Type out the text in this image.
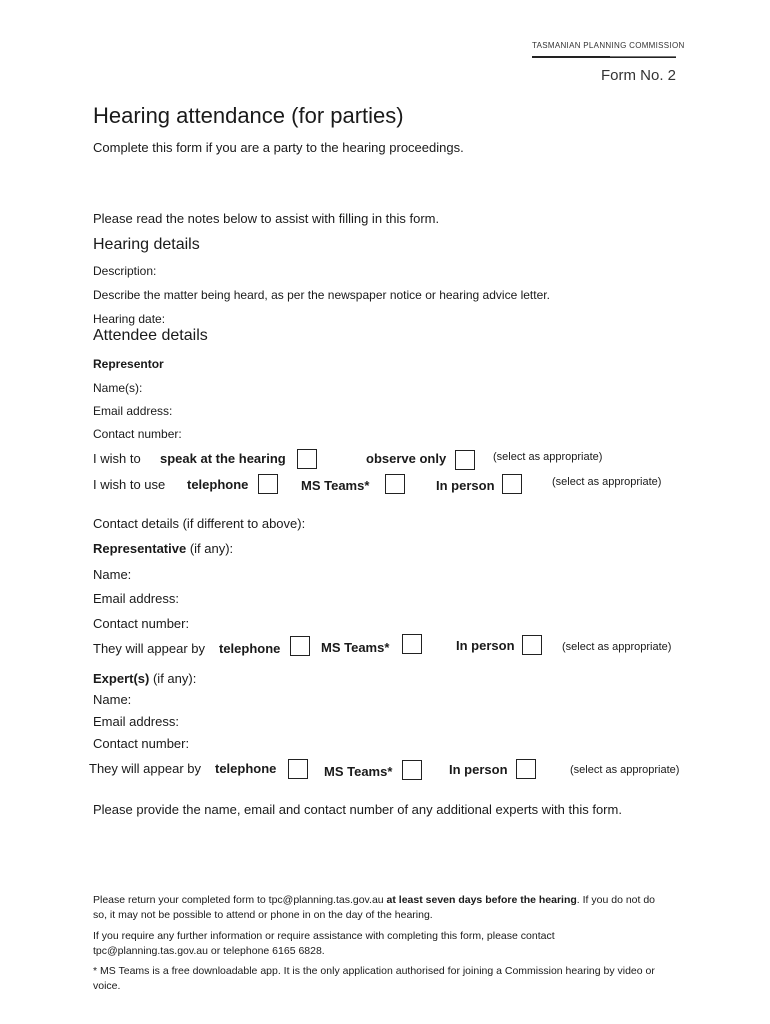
TASMANIAN PLANNING COMMISSION
Form No. 2
Hearing attendance (for parties)
Complete this form if you are a party to the hearing proceedings.
Please read the notes below to assist with filling in this form.
Hearing details
Description:
Describe the matter being heard, as per the newspaper notice or hearing advice letter.
Hearing date:
Attendee details
Representor
Name(s):
Email address:
Contact number:
I wish to speak at the hearing	observe only	(select as appropriate)
I wish to use telephone	MS Teams*	In person	(select as appropriate)
Contact details (if different to above):
Representative (if any):
Name:
Email address:
Contact number:
They will appear by telephone	MS Teams*	In person	(select as appropriate)
Expert(s) (if any):
Name:
Email address:
Contact number:
They will appear by telephone	MS Teams*	In person	(select as appropriate)
Please provide the name, email and contact number of any additional experts with this form.
Please return your completed form to tpc@planning.tas.gov.au at least seven days before the hearing. If you do not do so, it may not be possible to attend or phone in on the day of the hearing.
If you require any further information or require assistance with completing this form, please contact tpc@planning.tas.gov.au or telephone 6165 6828.
* MS Teams is a free downloadable app. It is the only application authorised for joining a Commission hearing by video or voice.
